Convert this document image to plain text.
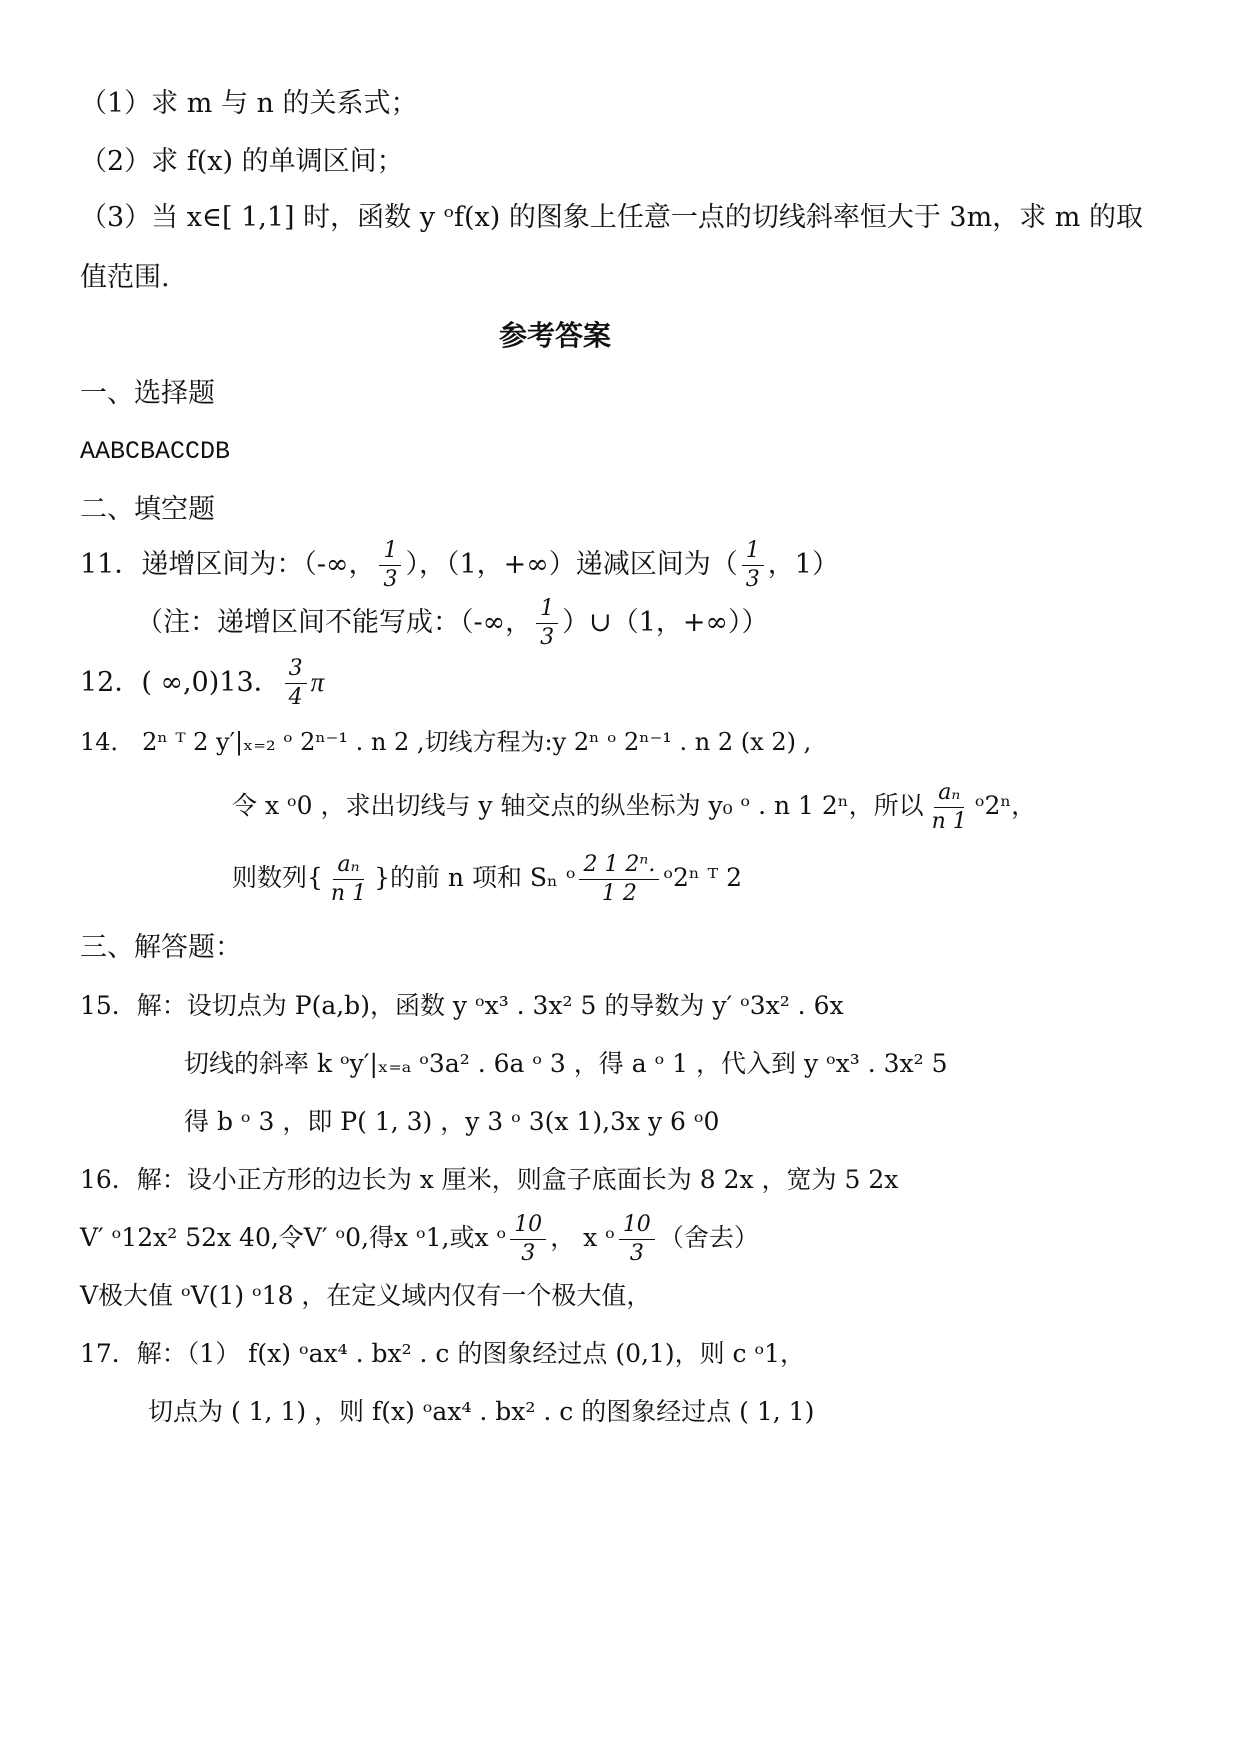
（1）求 m 与 n 的关系式；
（2）求 f(x) 的单调区间；
（3）当 x∈[ 1,1] 时，函数 y ᵒf(x) 的图象上任意一点的切线斜率恒大于 3m，求 m 的取
值范围.
参考答案
一、选择题
AABCBACCDB
二、填空题
11．递增区间为：（-∞， $\frac{1}{3}$ ），（1，+∞）递减区间为（ $\frac{1}{3}$ ，1）
（注：递增区间不能写成：（-∞， $\frac{1}{3}$ ）∪（1，+∞））
12．( ∞,0)13． $\frac{3}{4}$ π
14． 2ⁿ ᵀ 2 y′|ₓ₌₂ ᵒ 2ⁿ⁻¹ . n 2 ,切线方程为:y 2ⁿ ᵒ 2ⁿ⁻¹ . n 2 (x 2) ,
令 x ᵒ0 ，求出切线与 y 轴交点的纵坐标为 y₀ ᵒ . n 1 2ⁿ，所以 $\frac{\text{aₙ}}{n 1}$ ᵒ2ⁿ，
则数列{ $\frac{\text{aₙ}}{n 1}$ }的前 n 项和 Sₙ ᵒ $\frac{\text{2 1 2ⁿ.}}{1 2}$ ᵒ2ⁿ ᵀ 2
三、解答题：
15．解：设切点为 P(a,b)，函数 y ᵒx³ . 3x² 5 的导数为 y′ ᵒ3x² . 6x
切线的斜率 k ᵒy′|ₓ₌ₐ ᵒ3a² . 6a ᵒ 3 ，得 a ᵒ 1 ，代入到 y ᵒx³ . 3x² 5
得 b ᵒ 3 ，即 P( 1, 3) ，y 3 ᵒ 3(x 1),3x y 6 ᵒ0
16．解：设小正方形的边长为 x 厘米，则盒子底面长为 8 2x ，宽为 5 2x
V′ ᵒ12x² 52x 40,令V′ ᵒ0,得x ᵒ1,或x ᵒ $\frac{10}{3}$ ， x ᵒ $\frac{10}{3}$ （舍去）
V极大值 ᵒV(1) ᵒ18 ，在定义域内仅有一个极大值，
17．解：（1） f(x) ᵒax⁴ . bx² . c 的图象经过点 (0,1)，则 c ᵒ1，
切点为 ( 1, 1) ，则 f(x) ᵒax⁴ . bx² . c 的图象经过点 ( 1, 1)
